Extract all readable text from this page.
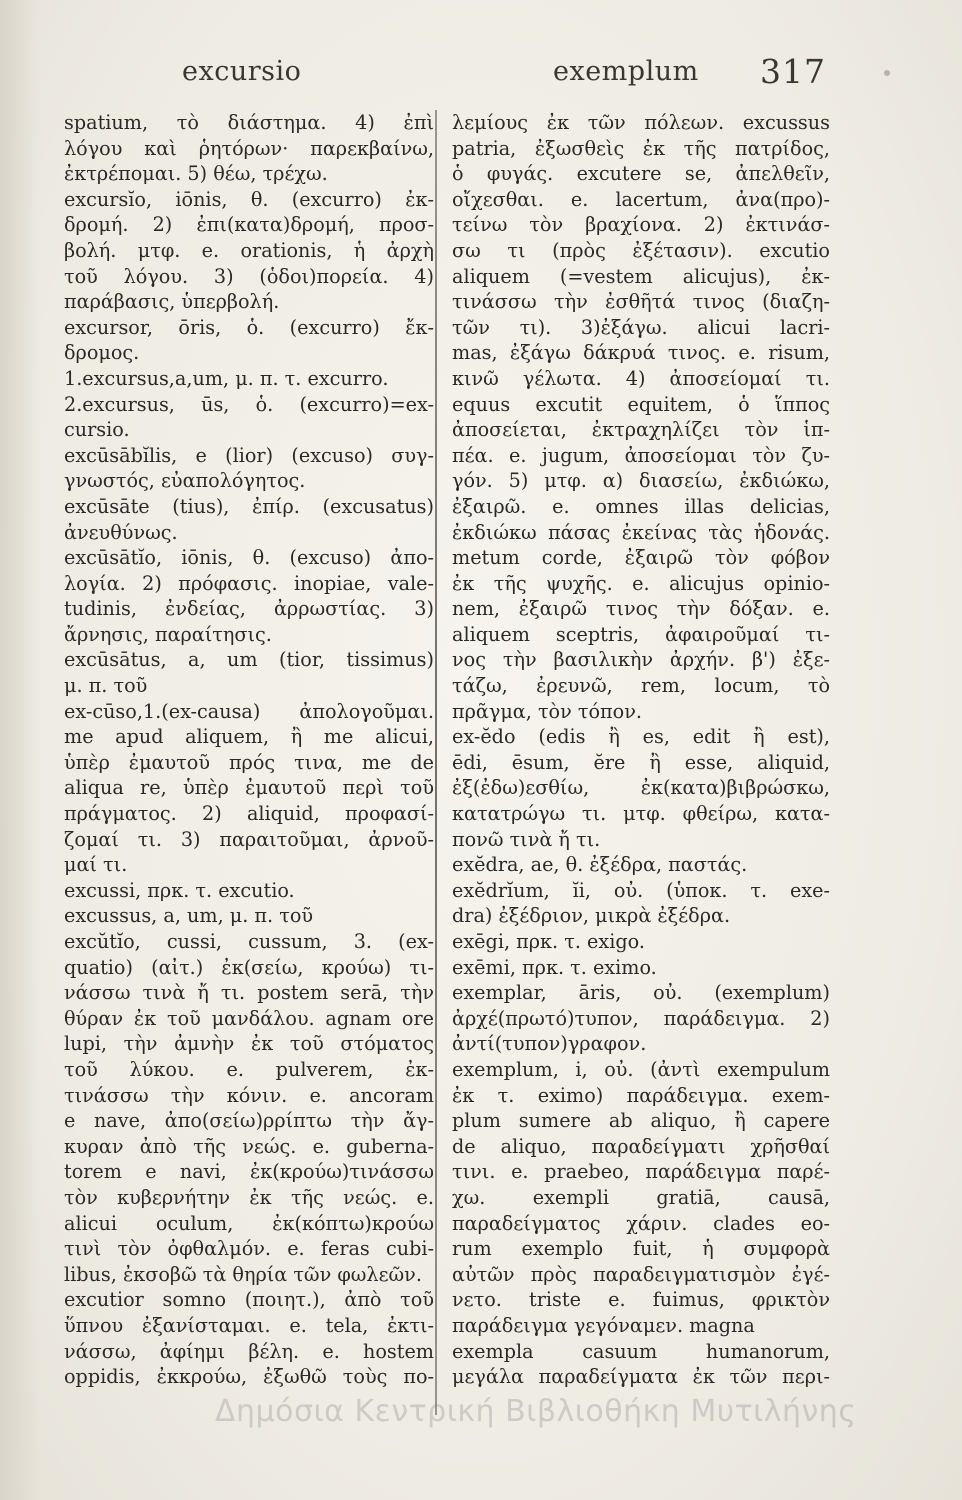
excursio	exemplum 317
spatium, τὸ διάστημα. 4) ἐπὶ
λόγου καὶ ῥητόρων· παρεκβαίνω,
ἐκτρέπομαι. 5) θέω, τρέχω.
excursĭo, iōnis, θ. (excurro) ἐκ-
δρομή. 2) ἐπι(κατα)δρομή, προσ-
βολή. μτφ. e. orationis, ἡ ἀρχὴ
τοῦ λόγου. 3) (ὁδοι)πορεία. 4)
παράβασις, ὑπερβολή.
excursor, ōris, ὁ. (excurro) ἔκ-
δρομος.
1.excursus,a,um, μ. π. τ. excurro.
2.excursus, ūs, ὁ. (excurro)=ex-
cursio.
excūsābĭlis, e (lior) (excuso) συγ-
γνωστός, εὐαπολόγητος.
excūsāte (tius), ἐπίρ. (excusatus)
ἀνευθύνως.
excūsātĭo, iōnis, θ. (excuso) ἀπο-
λογία. 2) πρόφασις. inopiae, vale-
tudinis, ἐνδείας, ἀρρωστίας. 3)
ἄρνησις, παραίτησις.
excūsātus, a, um (tior, tissimus)
μ. π. τοῦ
ex-cūso,1.(ex-causa) ἀπολογοῦμαι.
me apud aliquem, ἢ me alicui,
ὑπὲρ ἐμαυτοῦ πρός τινα, me de
aliqua re, ὑπὲρ ἐμαυτοῦ περὶ τοῦ
πράγματος. 2) aliquid, προφασί-
ζομαί τι. 3) παραιτοῦμαι, ἀρνοῦ-
μαί τι.
excussi, πρκ. τ. excutio.
excussus, a, um, μ. π. τοῦ
excŭtĭo, cussi, cussum, 3. (ex-
quatio) (αἰτ.) ἐκ(σείω, κρούω) τι-
νάσσω τινὰ ἤ τι. postem serā, τὴν
θύραν ἐκ τοῦ μανδάλου. agnam ore
lupi, τὴν ἀμνὴν ἐκ τοῦ στόματος
τοῦ λύκου. e. pulverem, ἐκ-
τινάσσω τὴν κόνιν. e. ancoram
e nave, ἀπο(σείω)ρρίπτω τὴν ἄγ-
κυραν ἀπὸ τῆς νεώς. e. guberna-
torem e navi, ἐκ(κρούω)τινάσσω
τὸν κυβερνήτην ἐκ τῆς νεώς. e.
alicui oculum, ἐκ(κόπτω)κρούω
τινὶ τὸν ὀφθαλμόν. e. feras cubi-
libus, ἐκσοβῶ τὰ θηρία τῶν φωλεῶν.
excutior somno (ποιητ.), ἀπὸ τοῦ
ὕπνου ἐξανίσταμαι. e. tela, ἐκτι-
νάσσω, ἀφίημι βέλη. e. hostem
oppidis, ἐκκρούω, ἐξωθῶ τοὺς πο-
λεμίους ἐκ τῶν πόλεων. excussus
patria, ἐξωσθεὶς ἐκ τῆς πατρίδος,
ὁ φυγάς. excutere se, ἀπελθεῖν,
οἴχεσθαι. e. lacertum, ἀνα(προ)-
τείνω τὸν βραχίονα. 2) ἐκτινάσ-
σω τι (πρὸς ἐξέτασιν). excutio
aliquem (=vestem alicujus), ἐκ-
τινάσσω τὴν ἐσθῆτά τινος (διαζη-
τῶν τι). 3)ἐξάγω. alicui lacri-
mas, ἐξάγω δάκρυά τινος. e. risum,
κινῶ γέλωτα. 4) ἀποσείομαί τι.
equus excutit equitem, ὁ ἵππος
ἀποσείεται, ἐκτραχηλίζει τὸν ἱπ-
πέα. e. jugum, ἀποσείομαι τὸν ζυ-
γόν. 5) μτφ. α) διασείω, ἐκδιώκω,
ἐξαιρῶ. e. omnes illas delicias,
ἐκδιώκω πάσας ἐκείνας τὰς ἡδονάς.
metum corde, ἐξαιρῶ τὸν φόβον
ἐκ τῆς ψυχῆς. e. alicujus opinio-
nem, ἐξαιρῶ τινος τὴν δόξαν. e.
aliquem sceptris, ἀφαιροῦμαί τι-
νος τὴν βασιλικὴν ἀρχήν. β') ἐξε-
τάζω, ἐρευνῶ, rem, locum, τὸ
πρᾶγμα, τὸν τόπον.
ex-ĕdo (edis ἢ es, edit ἢ est),
ēdi, ēsum, ĕre ἢ esse, aliquid,
ἐξ(ἐδω)εσθίω, ἐκ(κατα)βιβρώσκω,
κατατρώγω τι. μτφ. φθείρω, κατα-
πονῶ τινὰ ἤ τι.
exĕdra, ae, θ. ἐξέδρα, παστάς.
exĕdrĭum, ĭi, οὐ. (ὑποκ. τ. exe-
dra) ἐξέδριον, μικρὰ ἐξέδρα.
exēgi, πρκ. τ. exigo.
exēmi, πρκ. τ. eximo.
exemplar, āris, οὐ. (exemplum)
ἀρχέ(πρωτό)τυπον, παράδειγμα. 2)
ἀντί(τυπον)γραφον.
exemplum, i, οὐ. (ἀντὶ exempulum
ἐκ τ. eximo) παράδειγμα. exem-
plum sumere ab aliquo, ἢ capere
de aliquo, παραδείγματι χρῆσθαί
τινι. e. praebeo, παράδειγμα παρέ-
χω. exempli gratiā, causā,
παραδείγματος χάριν. clades eo-
rum exemplo fuit, ἡ συμφορὰ
αὐτῶν πρὸς παραδειγματισμὸν ἐγέ-
νετο. triste e. fuimus, φρικτὸν
παράδειγμα γεγόναμεν. magna
exempla casuum humanorum,
μεγάλα παραδείγματα ἐκ τῶν περι-
Δημόσια Κεντρική Βιβλιοθήκη Μυτιλήνης
